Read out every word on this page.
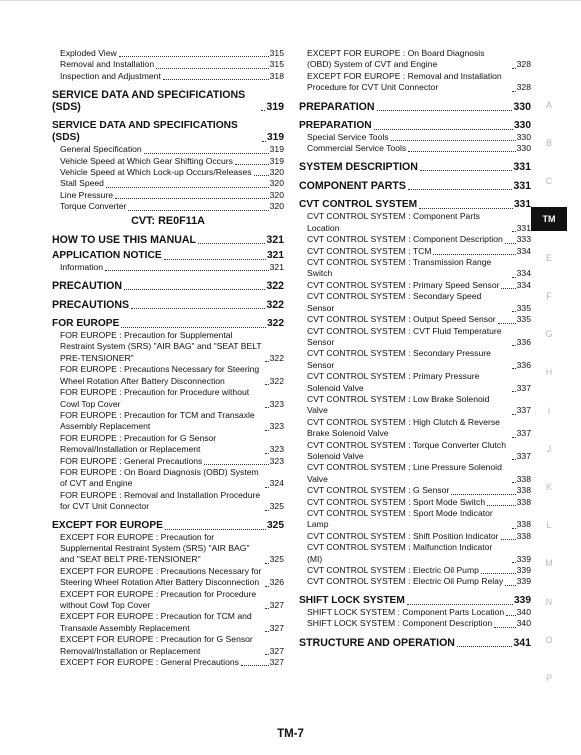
Exploded View	315
Removal and Installation	315
Inspection and Adjustment	318
SERVICE DATA AND SPECIFICATIONS (SDS)	319
SERVICE DATA AND SPECIFICATIONS (SDS)	319
General Specification	319
Vehicle Speed at Which Gear Shifting Occurs	319
Vehicle Speed at Which Lock-up Occurs/Releases 320
Stall Speed	320
Line Pressure	320
Torque Converter	320
CVT: RE0F11A
HOW TO USE THIS MANUAL	321
APPLICATION NOTICE	321
Information	321
PRECAUTION	322
PRECAUTIONS	322
FOR EUROPE	322
FOR EUROPE : Precaution for Supplemental Restraint System (SRS) "AIR BAG" and "SEAT BELT PRE-TENSIONER"	322
FOR EUROPE : Precautions Necessary for Steering Wheel Rotation After Battery Disconnection	322
FOR EUROPE : Precaution for Procedure without Cowl Top Cover	323
FOR EUROPE : Precaution for TCM and Transaxle Assembly Replacement	323
FOR EUROPE : Precaution for G Sensor Removal/Installation or Replacement	323
FOR EUROPE : General Precautions	323
FOR EUROPE : On Board Diagnosis (OBD) System of CVT and Engine	324
FOR EUROPE : Removal and Installation Procedure for CVT Unit Connector	325
EXCEPT FOR EUROPE	325
EXCEPT FOR EUROPE : Precaution for Supplemental Restraint System (SRS) "AIR BAG" and "SEAT BELT PRE-TENSIONER"	325
EXCEPT FOR EUROPE : Precautions Necessary for Steering Wheel Rotation After Battery Disconnection	326
EXCEPT FOR EUROPE : Precaution for Procedure without Cowl Top Cover	327
EXCEPT FOR EUROPE : Precaution for TCM and Transaxle Assembly Replacement	327
EXCEPT FOR EUROPE : Precaution for G Sensor Removal/Installation or Replacement	327
EXCEPT FOR EUROPE : General Precautions	327
EXCEPT FOR EUROPE : On Board Diagnosis (OBD) System of CVT and Engine	328
EXCEPT FOR EUROPE : Removal and Installation Procedure for CVT Unit Connector	328
PREPARATION	330
PREPARATION	330
Special Service Tools	330
Commercial Service Tools	330
SYSTEM DESCRIPTION	331
COMPONENT PARTS	331
CVT CONTROL SYSTEM	331
CVT CONTROL SYSTEM : Component Parts Location	331
CVT CONTROL SYSTEM : Component Description 333
CVT CONTROL SYSTEM : TCM	334
CVT CONTROL SYSTEM : Transmission Range Switch	334
CVT CONTROL SYSTEM : Primary Speed Sensor 334
CVT CONTROL SYSTEM : Secondary Speed Sensor	335
CVT CONTROL SYSTEM : Output Speed Sensor 335
CVT CONTROL SYSTEM : CVT Fluid Temperature Sensor	336
CVT CONTROL SYSTEM : Secondary Pressure Sensor	336
CVT CONTROL SYSTEM : Primary Pressure Solenoid Valve	337
CVT CONTROL SYSTEM : Low Brake Solenoid Valve	337
CVT CONTROL SYSTEM : High Clutch & Reverse Brake Solenoid Valve	337
CVT CONTROL SYSTEM : Torque Converter Clutch Solenoid Valve	337
CVT CONTROL SYSTEM : Line Pressure Solenoid Valve	338
CVT CONTROL SYSTEM : G Sensor	338
CVT CONTROL SYSTEM : Sport Mode Switch	338
CVT CONTROL SYSTEM : Sport Mode Indicator Lamp	338
CVT CONTROL SYSTEM : Shift Position Indicator 338
CVT CONTROL SYSTEM : Malfunction Indicator (MI)	339
CVT CONTROL SYSTEM : Electric Oil Pump	339
CVT CONTROL SYSTEM : Electric Oil Pump Relay 339
SHIFT LOCK SYSTEM	339
SHIFT LOCK SYSTEM : Component Parts Location 340
SHIFT LOCK SYSTEM : Component Description	340
STRUCTURE AND OPERATION	341
A
B
C
TM
E
F
G
H
I
J
K
L
M
N
O
P
TM-7
